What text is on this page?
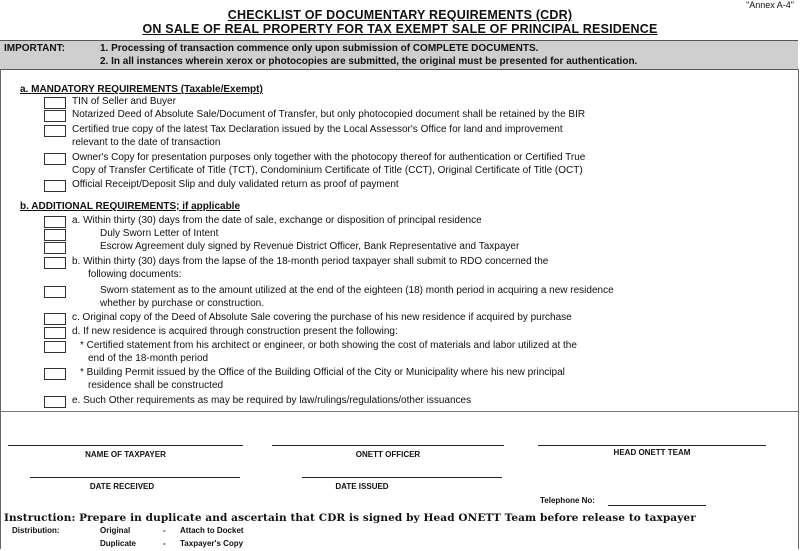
"Annex A-4"
CHECKLIST OF DOCUMENTARY REQUIREMENTS (CDR)
ON SALE OF REAL PROPERTY FOR TAX EXEMPT SALE OF PRINCIPAL RESIDENCE
IMPORTANT:	1. Processing of transaction commence only upon submission of COMPLETE DOCUMENTS.
2. In all instances wherein xerox or photocopies are submitted, the original must be presented for authentication.
a. MANDATORY REQUIREMENTS (Taxable/Exempt)
TIN of Seller and Buyer
Notarized Deed of Absolute Sale/Document of Transfer, but only photocopied document shall be retained by the BIR
Certified true copy of the latest Tax Declaration issued by the Local Assessor's Office for land and improvement
relevant to the date of transaction
Owner's Copy for presentation purposes only together with the photocopy thereof for authentication or Certified True
Copy of Transfer Certificate of Title (TCT), Condominium Certificate of Title (CCT), Original Certificate of Title (OCT)
Official Receipt/Deposit Slip and duly validated return as proof of payment
b. ADDITIONAL REQUIREMENTS; if applicable
a. Within thirty (30) days from the date of sale, exchange or disposition of principal residence
Duly Sworn Letter of Intent
Escrow Agreement duly signed by Revenue District Officer, Bank Representative and Taxpayer
b. Within thirty (30) days from the lapse of the 18-month period taxpayer shall submit to RDO concerned the
following documents:
Sworn statement as to the amount utilized at the end of the eighteen (18) month period in acquiring a new residence
whether by purchase or construction.
c. Original copy of the Deed of Absolute Sale covering the purchase of his new residence if acquired by purchase
d. If new residence is acquired through construction present the following:
* Certified statement from his architect or engineer, or both showing the cost of materials and labor utilized at the
end of the 18-month period
* Building Permit issued by the Office of the Building Official of the City or Municipality where his new principal
residence shall be constructed
e. Such Other requirements as may be required by law/rulings/regulations/other issuances
NAME OF TAXPAYER	ONETT OFFICER	HEAD ONETT TEAM
DATE RECEIVED	DATE ISSUED
Telephone No:
Instruction: Prepare in duplicate and ascertain that CDR is signed by Head ONETT Team before release to taxpayer
Distribution:	Original	- Attach to Docket
Duplicate	- Taxpayer's Copy
